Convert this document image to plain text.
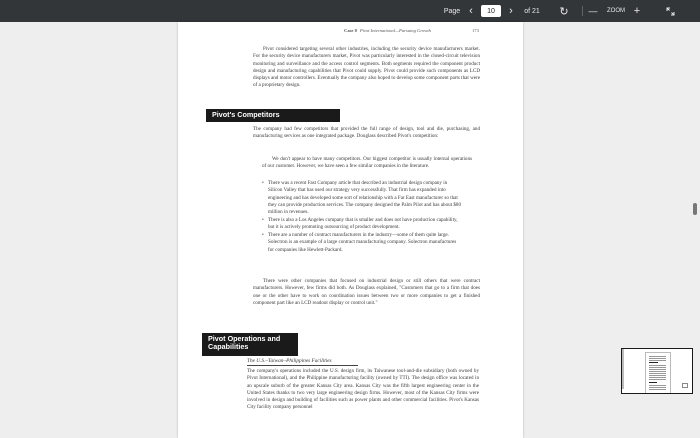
Page ‹
10	›	of 21 ↻ —	ZOOM +
Case 8 Pivot International—Pursuing Growth	173

Pivot considered targeting several other industries, including the security device manufacturers market. For the security device manufacturers market, Pivot was particularly interested in the closed-circuit television monitoring and surveillance and the access control segments. Both segments required the component product design and manufacturing capabilities that Pivot could supply. Pivot could provide such components as LCD displays and motor controllers. Eventually the company also hoped to develop some component parts that were of a proprietary design.

Pivot's Competitors

The company had few competitors that provided the full range of design, tool and die, purchasing, and manufacturing services as one integrated package. Douglass described Pivot's competition:

We don't appear to have many competitors. Our biggest competitor is usually internal operations of our customer. However, we have seen a few similar companies in the literature.

• There was a recent Fast Company article that described an industrial design company in Silicon Valley that has used our strategy very successfully. That firm has expanded into engineering and has developed some sort of relationship with a Far East manufacturer so that they can provide production services. The company designed the Palm Pilot and has about $80 million in revenues.
• There is also a Los Angeles company that is smaller and does not have production capability, but it is actively promoting outsourcing of product development.
• There are a number of contract manufacturers in the industry—some of them quite large. Solectron is an example of a large contract manufacturing company. Solectron manufactures for companies like Hewlett-Packard.

There were other companies that focused on industrial design or still others that were contract manufacturers. However, few firms did both. As Douglass explained, "Customers that go to a firm that does one or the other have to work on coordination issues between two or more companies to get a finished component part like an LCD readout display or control unit."

Pivot Operations and
Capabilities
The U.S.–Taiwan–Philippines Facilities

The company's operations included the U.S. design firm, its Taiwanese tool-and-die subsidiary (both owned by Pivot International), and the Philippine manufacturing facility (owned by TTI). The design office was located in an upscale suburb of the greater Kansas City area. Kansas City was the fifth largest engineering center in the United States thanks to two very large engineering design firms. However, most of the Kansas City firms were involved in design and building of facilities such as power plants and other commercial facilities. Pivot's Kansas City facility company personnel
